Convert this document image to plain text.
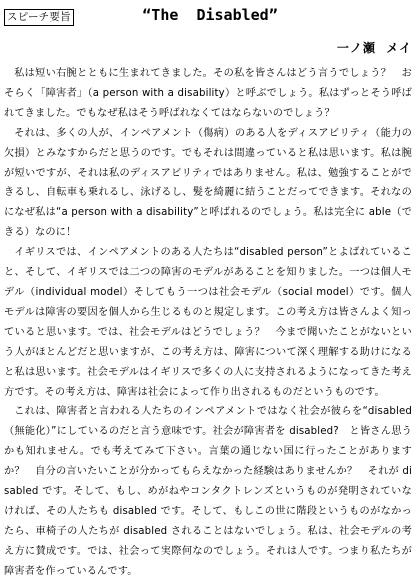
スピーチ要旨	“The  Disabled”
一ノ瀬  メイ

私は短い右腕とともに生まれてきました。その私を皆さんはどう言うでしょう？　おそらく「障害者」（a person with a disability）と呼ぶでしょう。私はずっとそう呼ばれてきました。でもなぜ私はそう呼ばれなくてはならないのでしょう？

それは、多くの人が、インペアメント（傷病）のある人をディスアビリティ（能力の欠損）とみなすからだと思うのです。でもそれは間違っていると私は思います。私は腕が短いですが、それは私のディスアビリティではありません。私は、勉強することができるし、自転車も乗れるし、泳げるし、髪を綺麗に結うことだってできます。それなのになぜ私は“a person with a disability”と呼ばれるのでしょう。私は完全に able（できる）なのに！

イギリスでは、インペアメントのある人たちは“disabled person”とよばれていること、そして、イギリスでは二つの障害のモデルがあることを知りました。一つは個人モデル（individual model）そしてもう一つは社会モデル（social model）です。個人モデルは障害の要因を個人から生じるものと規定します。この考え方は皆さんよく知っていると思います。では、社会モデルはどうでしょう？　今まで聞いたことがないという人がほとんどだと思いますが、この考え方は、障害について深く理解する助けになると私は思います。社会モデルはイギリスで多くの人に支持されるようになってきた考え方です。その考え方は、障害は社会によって作り出されるものだというものです。

これは、障害者と言われる人たちのインペアメントではなく社会が彼らを“disabled（無能化）”にしているのだと言う意味です。社会が障害者を disabled?　と皆さん思うかも知れません。でも考えてみて下さい。言葉の通じない国に行ったことがありますか？　自分の言いたいことが分かってもらえなかった経験はありませんか？　それが disabled です。そして、もし、めがねやコンタクトレンズというものが発明されていなければ、その人たちも disabled です。そして、もしこの世に階段というものがなかったら、車椅子の人たちが disabled されることはないでしょう。私は、社会モデルの考え方に賛成です。では、社会って実際何なのでしょう。それは人です。つまり私たちが障害者を作っているんです。
